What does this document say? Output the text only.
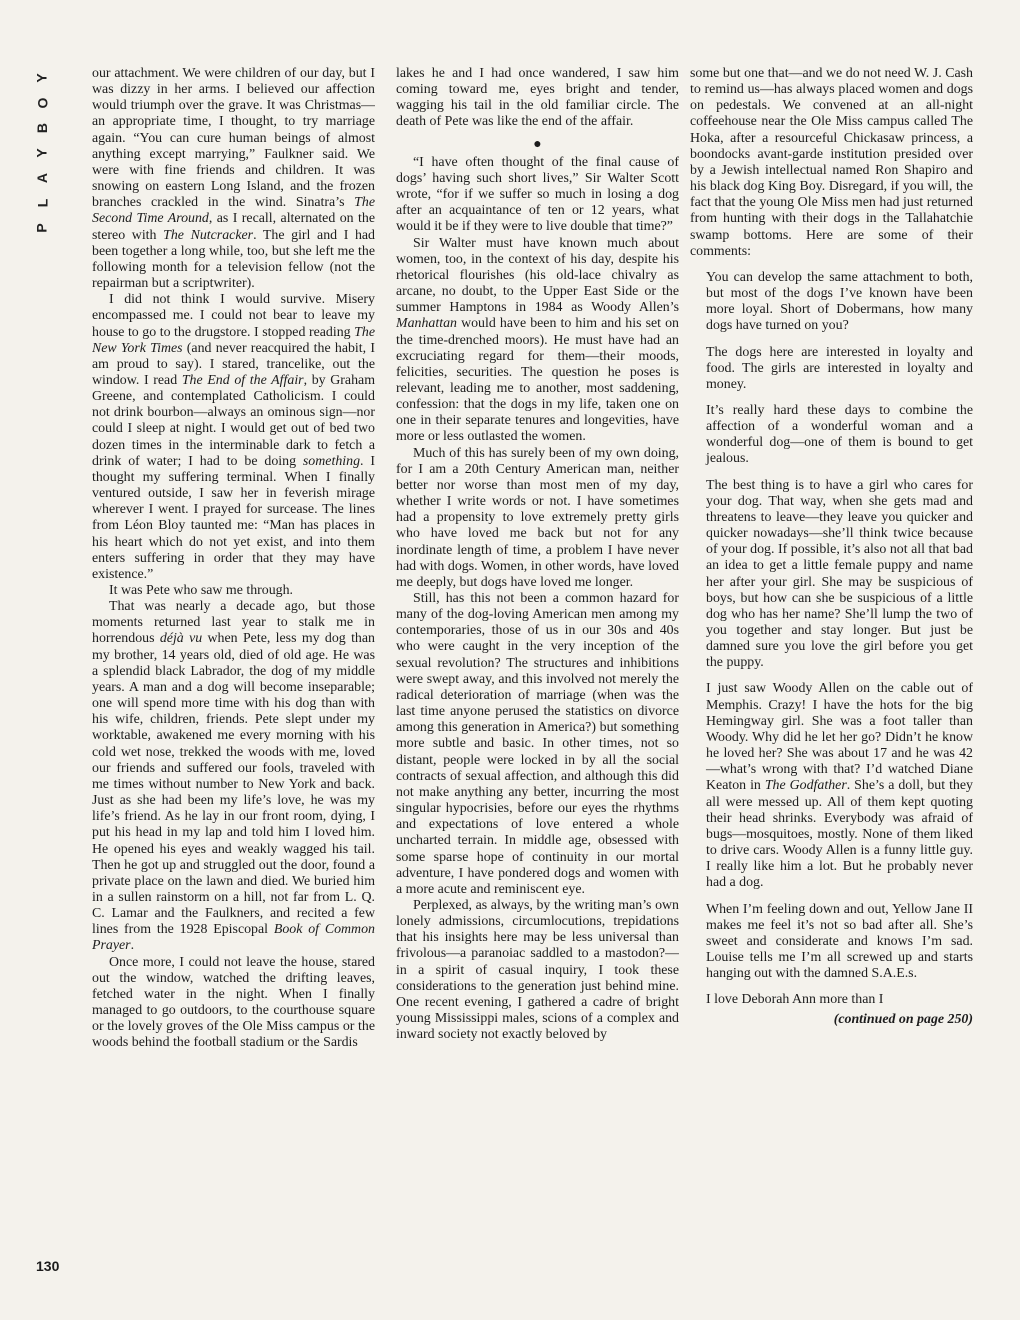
P
L
A
Y
B
O
Y	our attachment. We were children of our day, but I was dizzy in her arms. I believed our affection would triumph over the grave. It was Christmas—an appropriate time, I thought, to try marriage again. “You can cure human beings of almost anything except marrying,” Faulkner said. We were with fine friends and children. It was snowing on eastern Long Island, and the frozen branches crackled in the wind. Sinatra’s The Second Time Around, as I recall, alternated on the stereo with The Nutcracker. The girl and I had been together a long while, too, but she left me the following month for a television fellow (not the repairman but a scriptwriter).

I did not think I would survive. Misery encompassed me. I could not bear to leave my house to go to the drugstore. I stopped reading The New York Times (and never reacquired the habit, I am proud to say). I stared, trancelike, out the window. I read The End of the Affair, by Graham Greene, and contemplated Catholicism. I could not drink bourbon—always an ominous sign—nor could I sleep at night. I would get out of bed two dozen times in the interminable dark to fetch a drink of water; I had to be doing something. I thought my suffering terminal. When I finally ventured outside, I saw her in feverish mirage wherever I went. I prayed for surcease. The lines from Léon Bloy taunted me: “Man has places in his heart which do not yet exist, and into them enters suffering in order that they may have existence.”

It was Pete who saw me through.

That was nearly a decade ago, but those moments returned last year to stalk me in horrendous déjà vu when Pete, less my dog than my brother, 14 years old, died of old age. He was a splendid black Labrador, the dog of my middle years. A man and a dog will become inseparable; one will spend more time with his dog than with his wife, children, friends. Pete slept under my worktable, awakened me every morning with his cold wet nose, trekked the woods with me, loved our friends and suffered our fools, traveled with me times without number to New York and back. Just as she had been my life’s love, he was my life’s friend. As he lay in our front room, dying, I put his head in my lap and told him I loved him. He opened his eyes and weakly wagged his tail. Then he got up and struggled out the door, found a private place on the lawn and died. We buried him in a sullen rainstorm on a hill, not far from L. Q. C. Lamar and the Faulkners, and recited a few lines from the 1928 Episcopal Book of Common Prayer.

Once more, I could not leave the house, stared out the window, watched the drifting leaves, fetched water in the night. When I finally managed to go outdoors, to the courthouse square or the lovely groves of the Ole Miss campus or the woods behind the football stadium or the Sardis

lakes he and I had once wandered, I saw him coming toward me, eyes bright and tender, wagging his tail in the old familiar circle. The death of Pete was like the end of the affair.

●

“I have often thought of the final cause of dogs’ having such short lives,” Sir Walter Scott wrote, “for if we suffer so much in losing a dog after an acquaintance of ten or 12 years, what would it be if they were to live double that time?”

Sir Walter must have known much about women, too, in the context of his day, despite his rhetorical flourishes (his old-lace chivalry as arcane, no doubt, to the Upper East Side or the summer Hamptons in 1984 as Woody Allen’s Manhattan would have been to him and his set on the time-drenched moors). He must have had an excruciating regard for them—their moods, felicities, securities. The question he poses is relevant, leading me to another, most saddening, confession: that the dogs in my life, taken one on one in their separate tenures and longevities, have more or less outlasted the women.

Much of this has surely been of my own doing, for I am a 20th Century American man, neither better nor worse than most men of my day, whether I write words or not. I have sometimes had a propensity to love extremely pretty girls who have loved me back but not for any inordinate length of time, a problem I have never had with dogs. Women, in other words, have loved me deeply, but dogs have loved me longer.

Still, has this not been a common hazard for many of the dog-loving American men among my contemporaries, those of us in our 30s and 40s who were caught in the very inception of the sexual revolution? The structures and inhibitions were swept away, and this involved not merely the radical deterioration of marriage (when was the last time anyone perused the statistics on divorce among this generation in America?) but something more subtle and basic. In other times, not so distant, people were locked in by all the social contracts of sexual affection, and although this did not make anything any better, incurring the most singular hypocrisies, before our eyes the rhythms and expectations of love entered a whole uncharted terrain. In middle age, obsessed with some sparse hope of continuity in our mortal adventure, I have pondered dogs and women with a more acute and reminiscent eye.

Perplexed, as always, by the writing man’s own lonely admissions, circumlocutions, trepidations that his insights here may be less universal than frivolous—a paranoiac saddled to a mastodon?—in a spirit of casual inquiry, I took these considerations to the generation just behind mine. One recent evening, I gathered a cadre of bright young Mississippi males, scions of a complex and inward society not exactly beloved by

some but one that—and we do not need W. J. Cash to remind us—has always placed women and dogs on pedestals. We convened at an all-night coffeehouse near the Ole Miss campus called The Hoka, after a resourceful Chickasaw princess, a boondocks avant-garde institution presided over by a Jewish intellectual named Ron Shapiro and his black dog King Boy. Disregard, if you will, the fact that the young Ole Miss men had just returned from hunting with their dogs in the Tallahatchie swamp bottoms. Here are some of their comments:

You can develop the same attachment to both, but most of the dogs I’ve known have been more loyal. Short of Dobermans, how many dogs have turned on you?

The dogs here are interested in loyalty and food. The girls are interested in loyalty and money.

It’s really hard these days to combine the affection of a wonderful woman and a wonderful dog—one of them is bound to get jealous.

The best thing is to have a girl who cares for your dog. That way, when she gets mad and threatens to leave—they leave you quicker and quicker nowadays—she’ll think twice because of your dog. If possible, it’s also not all that bad an idea to get a little female puppy and name her after your girl. She may be suspicious of boys, but how can she be suspicious of a little dog who has her name? She’ll lump the two of you together and stay longer. But just be damned sure you love the girl before you get the puppy.

I just saw Woody Allen on the cable out of Memphis. Crazy! I have the hots for the big Hemingway girl. She was a foot taller than Woody. Why did he let her go? Didn’t he know he loved her? She was about 17 and he was 42—what’s wrong with that? I’d watched Diane Keaton in The Godfather. She’s a doll, but they all were messed up. All of them kept quoting their head shrinks. Everybody was afraid of bugs—mosquitoes, mostly. None of them liked to drive cars. Woody Allen is a funny little guy. I really like him a lot. But he probably never had a dog.

When I’m feeling down and out, Yellow Jane II makes me feel it’s not so bad after all. She’s sweet and considerate and knows I’m sad. Louise tells me I’m all screwed up and starts hanging out with the damned S.A.E.s.

I love Deborah Ann more than I

(continued on page 250)

130
